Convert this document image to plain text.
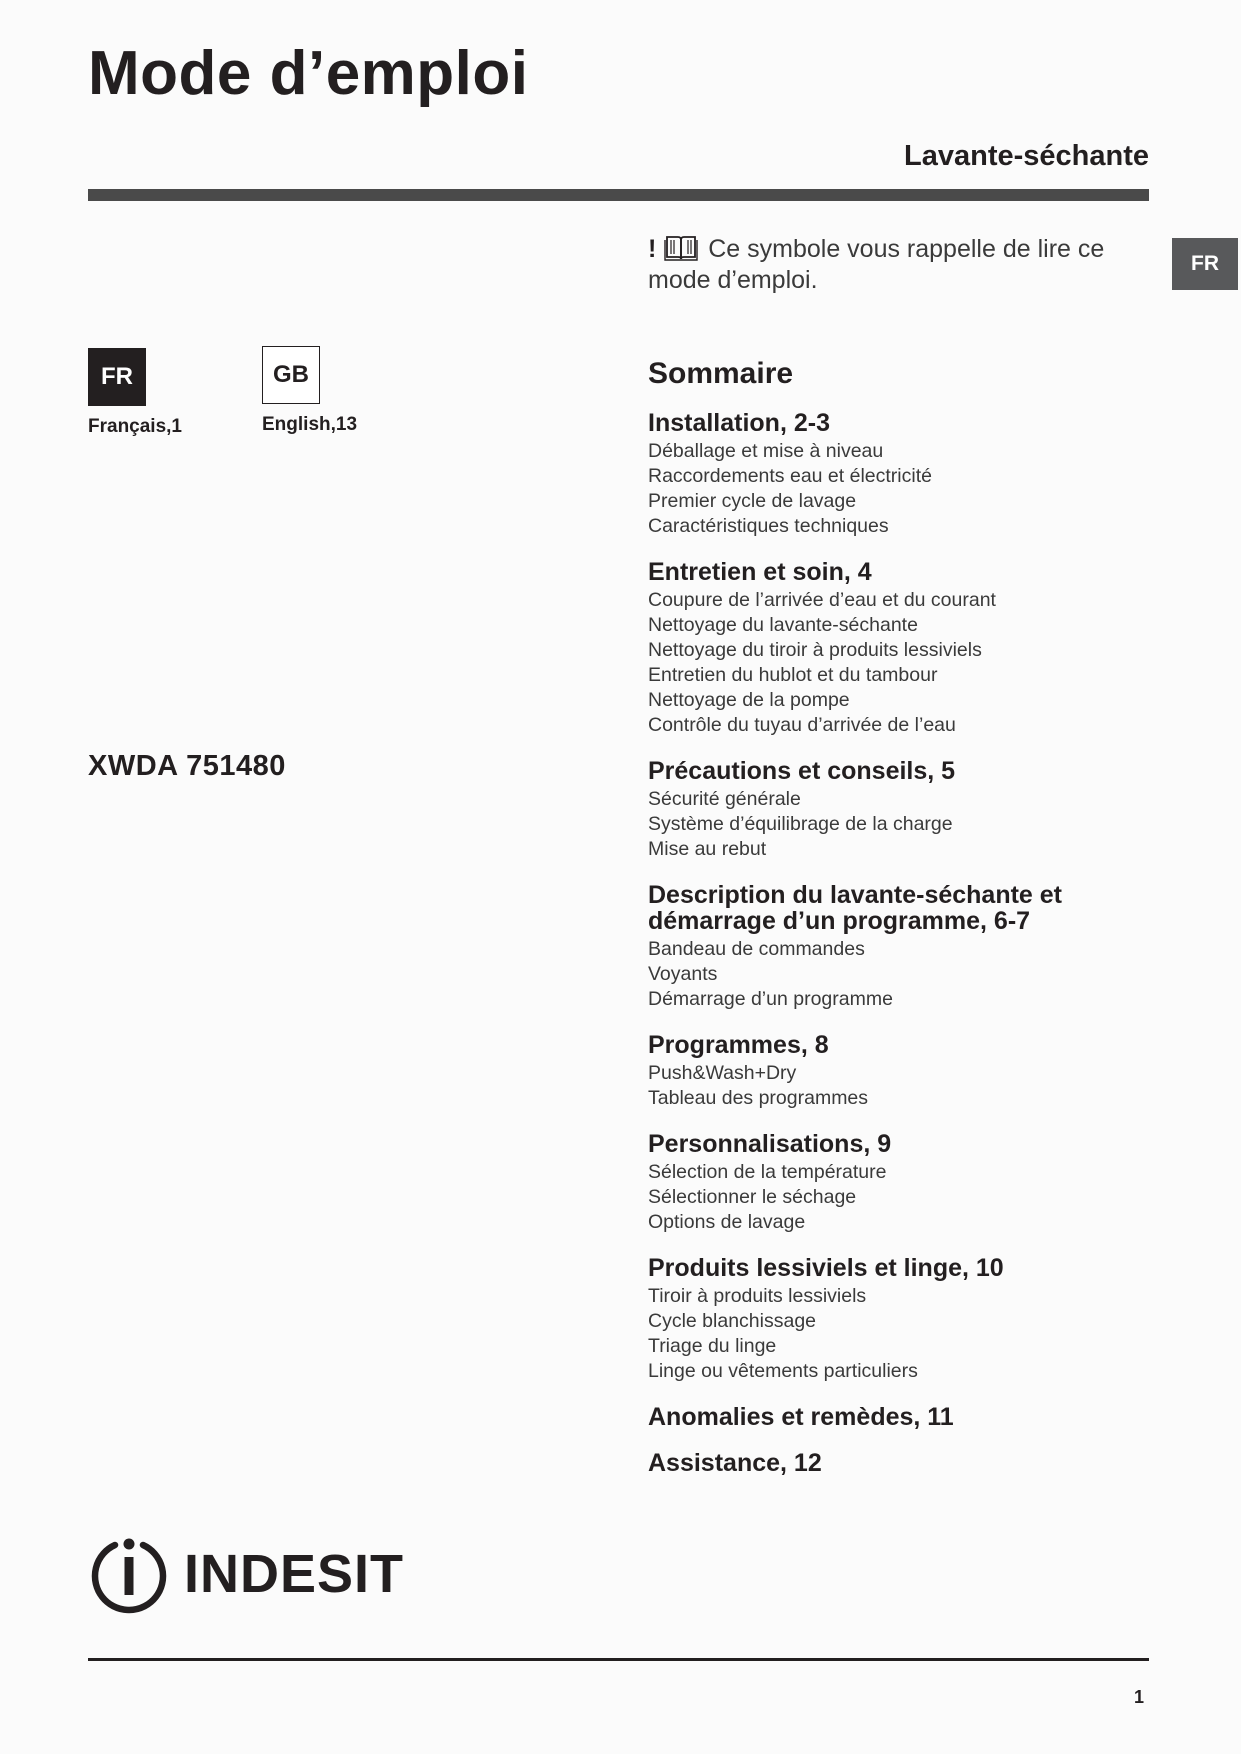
Mode d’emploi
Lavante-séchante
FR
FR
Français,1
GB
English,13
XWDA 751480
! Ce symbole vous rappelle de lire ce mode d’emploi.
Sommaire
Installation, 2-3
Déballage et mise à niveau
Raccordements eau et électricité
Premier cycle de lavage
Caractéristiques techniques
Entretien et soin, 4
Coupure de l’arrivée d’eau et du courant
Nettoyage du lavante-séchante
Nettoyage du tiroir à produits lessiviels
Entretien du hublot et du tambour
Nettoyage de la pompe
Contrôle du tuyau d’arrivée de l’eau
Précautions et conseils, 5
Sécurité générale
Système d’équilibrage de la charge
Mise au rebut
Description du lavante-séchante et démarrage d’un programme, 6-7
Bandeau de commandes
Voyants
Démarrage d’un programme
Programmes, 8
Push&Wash+Dry
Tableau des programmes
Personnalisations, 9
Sélection de la température
Sélectionner le séchage
Options de lavage
Produits lessiviels et linge, 10
Tiroir à produits lessiviels
Cycle blanchissage
Triage du linge
Linge ou vêtements particuliers
Anomalies et remèdes, 11
Assistance, 12
INDESIT
1
